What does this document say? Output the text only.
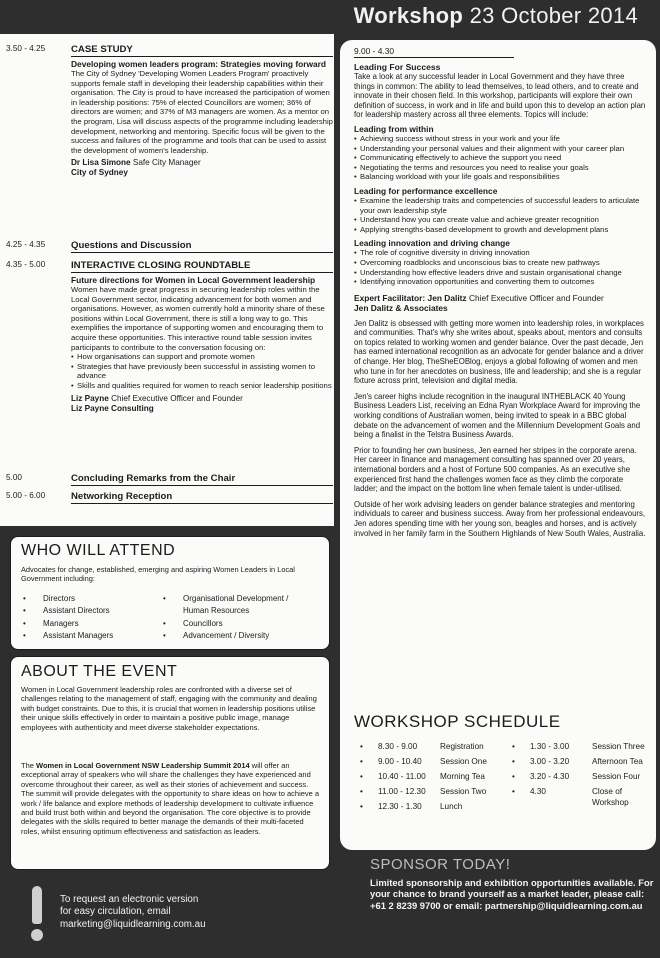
Workshop 23 October 2014
3.50 - 4.25	CASE STUDY
Developing women leaders program: Strategies moving forward
The City of Sydney 'Developing Women Leaders Program' proactively supports female staff in developing their leadership capabilities within their organisation. The City is proud to have increased the participation of women in leadership positions: 75% of elected Councillors are women; 36% of directors are women; and 37% of M3 managers are women. As a mentor on the program, Lisa will discuss aspects of the programme including leadership development, networking and mentoring. Specific focus will be given to the success and failures of the programme and tools that can be used to assist the development of women's leadership.
Dr Lisa Simone Safe City Manager
City of Sydney
4.25 - 4.35	Questions and Discussion
4.35 - 5.00	INTERACTIVE CLOSING ROUNDTABLE
Future directions for Women in Local Government leadership
Women have made great progress in securing leadership roles within the Local Government sector, indicating advancement for both women and organisations. However, as women currently hold a minority share of these positions within Local Government, there is still a long way to go. This exemplifies the importance of supporting women and encouraging them to acquire these opportunities. This interactive round table session invites participants to contribute to the conversation focusing on:
• How organisations can support and promote women
• Strategies that have previously been successful in assisting women to advance
• Skills and qualities required for women to reach senior leadership positions
Liz Payne Chief Executive Officer and Founder
Liz Payne Consulting
5.00	Concluding Remarks from the Chair
5.00 - 6.00	Networking Reception
WHO WILL ATTEND
Advocates for change, established, emerging and aspiring Women Leaders in Local Government including:
• Directors
• Assistant Directors
• Managers
• Assistant Managers
• Organisational Development /
Human Resources
• Councillors
• Advancement / Diversity
ABOUT THE EVENT
Women in Local Government leadership roles are confronted with a diverse set of challenges relating to the management of staff, engaging with the community and dealing with budget constraints. Due to this, it is crucial that women in leadership positions utilise their unique skills effectively in order to maintain a positive public image, manage employees with authenticity and meet diverse stakeholder expectations.
The Women in Local Government NSW Leadership Summit 2014 will offer an exceptional array of speakers who will share the challenges they have experienced and overcome throughout their career, as well as their stories of achievement and success. The summit will provide delegates with the opportunity to share ideas on how to achieve a work / life balance and explore methods of leadership development to cultivate influence and build trust both within and beyond the organisation. The core objective is to provide delegates with the skills required to better manage the demands of their multi-faceted roles, whilst ensuring optimum effectiveness and satisfaction as leaders.
9.00 - 4.30
Leading For Success
Take a look at any successful leader in Local Government and they have three things in common: The ability to lead themselves, to lead others, and to create and innovate in their chosen field. In this workshop, participants will explore their own definition of success, in work and in life and build upon this to develop an action plan for leadership mastery across all three elements. Topics will include:
Leading from within
• Achieving success without stress in your work and your life
• Understanding your personal values and their alignment with your career plan
• Communicating effectively to achieve the support you need
• Negotiating the terms and resources you need to realise your goals
• Balancing workload with your life goals and responsibilities
Leading for performance excellence
• Examine the leadership traits and competencies of successful leaders to articulate your own leadership style
• Understand how you can create value and achieve greater recognition
• Applying strengths-based development to growth and development plans
Leading innovation and driving change
• The role of cognitive diversity in driving innovation
• Overcoming roadblocks and unconscious bias to create new pathways
• Understanding how effective leaders drive and sustain organisational change
• Identifying innovation opportunities and converting them to outcomes
Expert Facilitator: Jen Dalitz Chief Executive Officer and Founder
Jen Dalitz & Associates
Jen Dalitz is obsessed with getting more women into leadership roles, in workplaces and communities. That's why she writes about, speaks about, mentors and consults on topics related to working women and gender balance. Over the past decade, Jen has earned international recognition as an advocate for gender balance and a driver of change. Her blog, TheSheEOBlog, enjoys a global following of women and men who tune in for her anecdotes on business, life and leadership; and she is a regular fixture across print, television and digital media.
Jen's career highs include recognition in the inaugural INTHEBLACK 40 Young Business Leaders List, receiving an Edna Ryan Workplace Award for improving the working conditions of Australian women, being invited to speak in a BBC global debate on the advancement of women and the Millennium Development Goals and being a finalist in the Telstra Business Awards.
Prior to founding her own business, Jen earned her stripes in the corporate arena. Her career in finance and management consulting has spanned over 20 years, international borders and a host of Fortune 500 companies. As an executive she experienced first hand the challenges women face as they climb the corporate ladder; and the impact on the bottom line when female talent is under-utilised.
Outside of her work advising leaders on gender balance strategies and mentoring individuals to career and business success. Away from her professional endeavours, Jen adores spending time with her young son, beagles and horses, and is actively involved in her family farm in the Southern Highlands of New South Wales, Australia.
WORKSHOP SCHEDULE
• 8.30 - 9.00	Registration
• 9.00 - 10.40 Session One
• 10.40 - 11.00 Morning Tea
• 11.00 - 12.30 Session Two
• 12.30 - 1.30 Lunch
• 1.30 - 3.00	Session Three
• 3.00 - 3.20	Afternoon Tea
• 3.20 - 4.30	Session Four
• 4.30	Close of
Workshop
To request an electronic version
for easy circulation, email
marketing@liquidlearning.com.au
SPONSOR TODAY!
Limited sponsorship and exhibition opportunities available. For your chance to brand yourself as a market leader, please call: +61 2 8239 9700 or email: partnership@liquidlearning.com.au
